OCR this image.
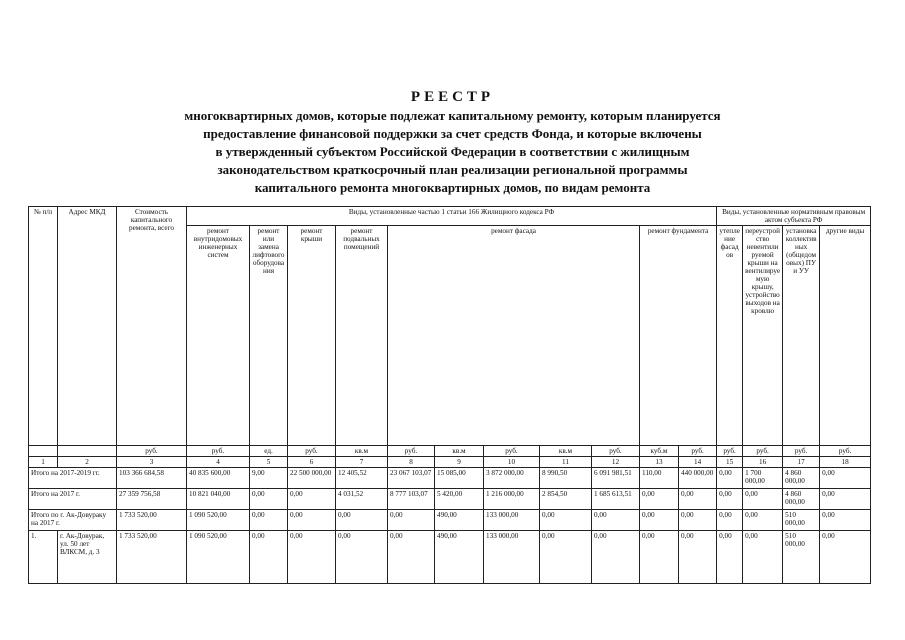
РЕЕСТР
многоквартирных домов, которые подлежат капитальному ремонту, которым планируется
предоставление финансовой поддержки за счет средств Фонда, и которые включены
в утвержденный субъектом Российской Федерации в соответствии с жилищным
законодательством краткосрочный план реализации региональной программы
капитального ремонта многоквартирных домов, по видам ремонта
№ п/п	Адрес МКД	Стоимость капитального ремонта, всего	Виды, установленные частью 1 статьи 166 Жилищного кодекса РФ											Виды, установленные нормативным правовым актом субъекта РФ			
			ремонт внутридомовых инженерных систем	ремонт или замена лифтового оборудования	ремонт крыши	ремонт подвальных помещений	ремонт фасада					ремонт фундамента		утепление фасадов	переустройство невентилируемой крыши на вентилируемую крышу, устройство выходов на кровлю	установка коллективных (общедомовых) ПУ и УУ	другие виды
		руб.	руб.	ед.	руб.	кв.м	руб.	кв.м	руб.	кв.м	руб.	куб.м	руб.	руб.	руб.	руб.	руб.
1	2	3	4	5	6	7	8	9	10	11	12	13	14	15	16	17	18
Итого на 2017-2019 гг.		103 366 684,58	40 835 600,00	9,00	22 500 000,00	12 405,52	23 067 103,07	15 085,00	3 872 000,00	8 990,50	6 091 981,51	110,00	440 000,00	0,00	1 700 000,00	4 860 000,00	0,00
Итого на 2017 г.		27 359 756,58	10 821 040,00	0,00	0,00	4 031,52	8 777 103,07	5 420,00	1 216 000,00	2 854,50	1 685 613,51	0,00	0,00	0,00	0,00	4 860 000,00	0,00
Итого по г. Ак-Довураку на 2017 г.		1 733 520,00	1 090 520,00	0,00	0,00	0,00	0,00	490,00	133 000,00	0,00	0,00	0,00	0,00	0,00	0,00	510 000,00	0,00
1.	г. Ак-Довурак, ул. 50 лет ВЛКСМ, д. 3	1 733 520,00	1 090 520,00	0,00	0,00	0,00	0,00	490,00	133 000,00	0,00	0,00	0,00	0,00	0,00	0,00	510 000,00	0,00
